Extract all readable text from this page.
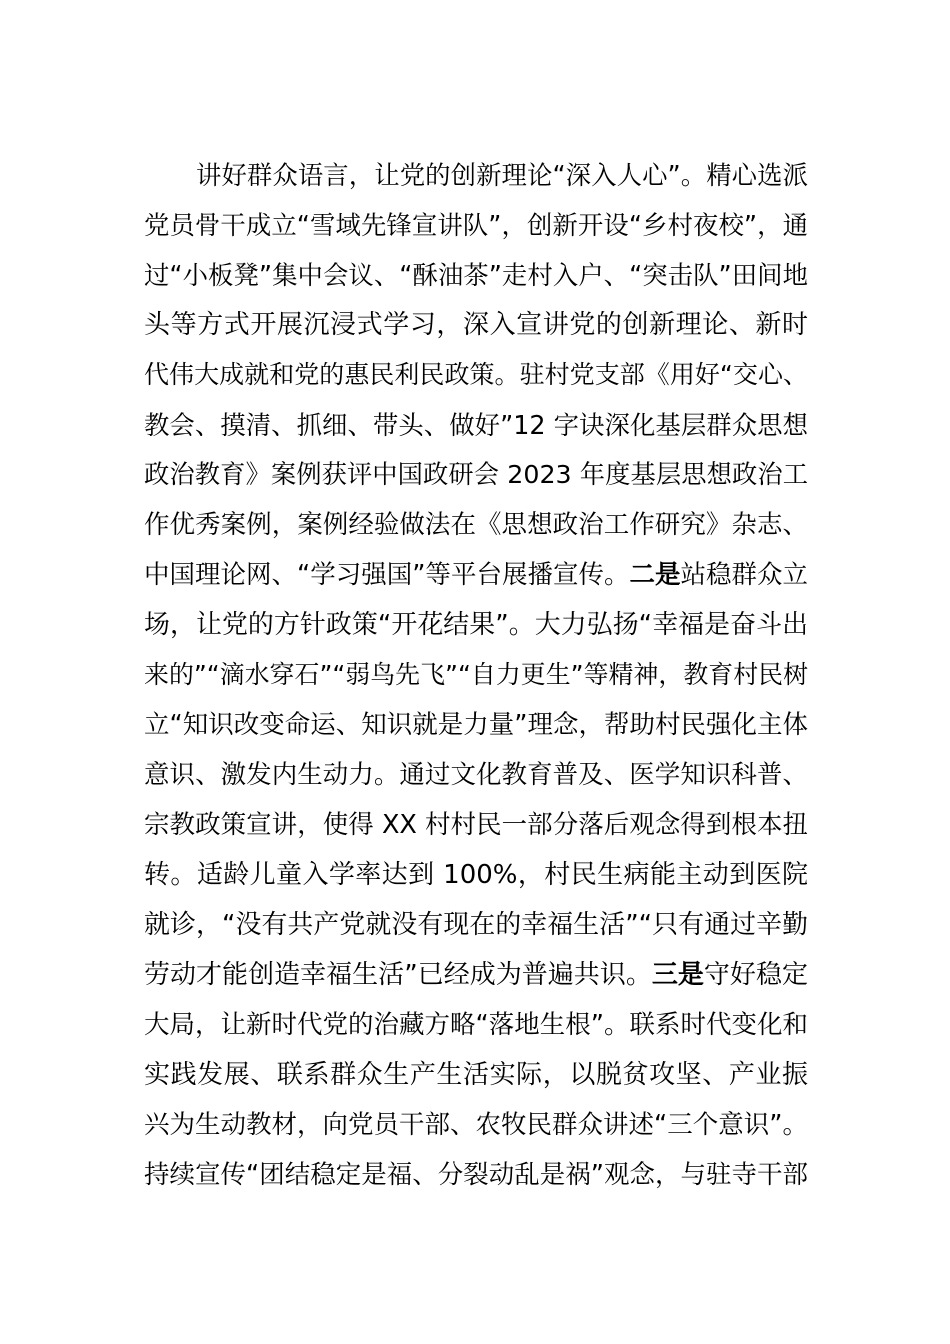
讲好群众语言，让党的创新理论“深入人心”。精心选派
党员骨干成立“雪域先锋宣讲队”，创新开设“乡村夜校”，通
过“小板凳”集中会议、“酥油茶”走村入户、“突击队”田间地
头等方式开展沉浸式学习，深入宣讲党的创新理论、新时
代伟大成就和党的惠民利民政策。驻村党支部《用好“交心、
教会、摸清、抓细、带头、做好”12 字诀深化基层群众思想
政治教育》案例获评中国政研会 2023 年度基层思想政治工
作优秀案例，案例经验做法在《思想政治工作研究》杂志、
中国理论网、“学习强国”等平台展播宣传。二是站稳群众立
场，让党的方针政策“开花结果”。大力弘扬“幸福是奋斗出
来的”“滴水穿石”“弱鸟先飞”“自力更生”等精神，教育村民树
立“知识改变命运、知识就是力量”理念，帮助村民强化主体
意识、激发内生动力。通过文化教育普及、医学知识科普、
宗教政策宣讲，使得 XX 村村民一部分落后观念得到根本扭
转。适龄儿童入学率达到 100%，村民生病能主动到医院
就诊，“没有共产党就没有现在的幸福生活”“只有通过辛勤
劳动才能创造幸福生活”已经成为普遍共识。三是守好稳定
大局，让新时代党的治藏方略“落地生根”。联系时代变化和
实践发展、联系群众生产生活实际，以脱贫攻坚、产业振
兴为生动教材，向党员干部、农牧民群众讲述“三个意识”。
持续宣传“团结稳定是福、分裂动乱是祸”观念，与驻寺干部
